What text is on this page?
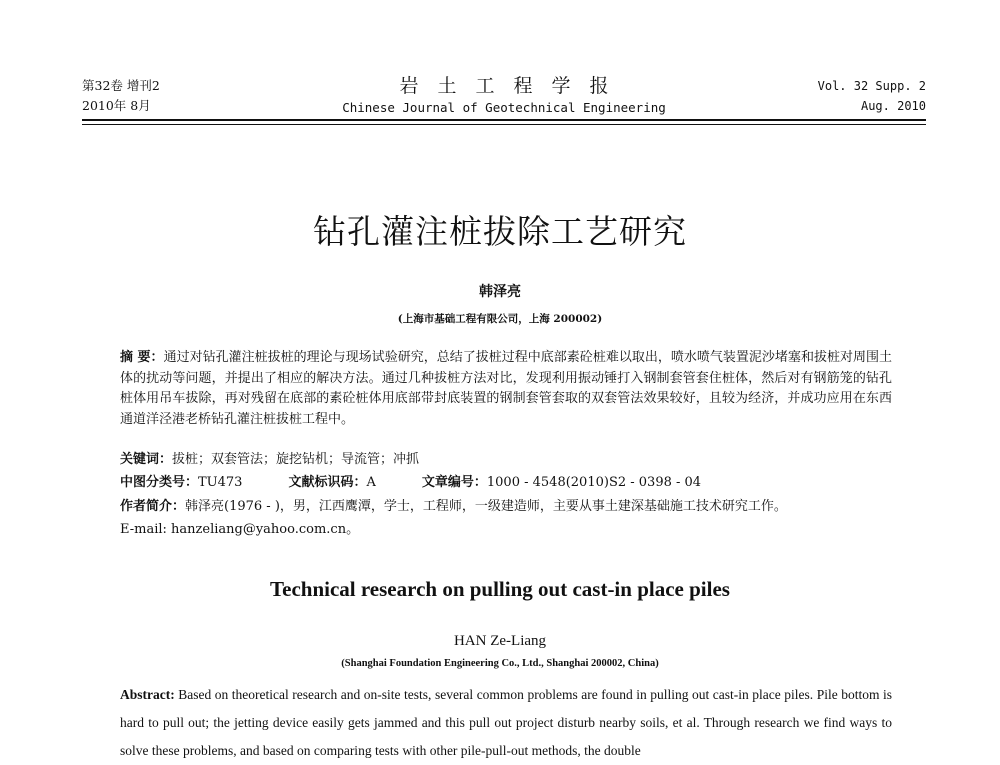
第32卷 增刊2
2010年 8月
岩土工程学报
Chinese Journal of Geotechnical Engineering
Vol. 32 Supp. 2
Aug. 2010
钻孔灌注桩拔除工艺研究
韩泽亮
(上海市基础工程有限公司，上海 200002)
摘 要：通过对钻孔灌注桩拔桩的理论与现场试验研究，总结了拔桩过程中底部素砼桩难以取出，喷水喷气装置泥沙堵塞和拔桩对周围土体的扰动等问题，并提出了相应的解决方法。通过几种拔桩方法对比，发现利用振动锤打入钢制套管套住桩体，然后对有钢筋笼的钻孔桩体用吊车拔除，再对残留在底部的素砼桩体用底部带封底装置的钢制套管套取的双套管法效果较好，且较为经济，并成功应用在东西通道洋泾港老桥钻孔灌注桩拔桩工程中。
关键词：拔桩；双套管法；旋挖钻机；导流管；冲抓
中图分类号：TU473	文献标识码：A	文章编号：1000 - 4548(2010)S2 - 0398 - 04
作者简介：韩泽亮(1976 - )，男，江西鹰潭，学士，工程师，一级建造师，主要从事土建深基础施工技术研究工作。
E-mail: hanzeliang@yahoo.com.cn。
Technical research on pulling out cast-in place piles
HAN Ze-Liang
(Shanghai Foundation Engineering Co., Ltd., Shanghai 200002, China)
Abstract: Based on theoretical research and on-site tests, several common problems are found in pulling out cast-in place piles. Pile bottom is hard to pull out; the jetting device easily gets jammed and this pull out project disturb nearby soils, et al. Through research we find ways to solve these problems, and based on comparing tests with other pile-pull-out methods, the double
